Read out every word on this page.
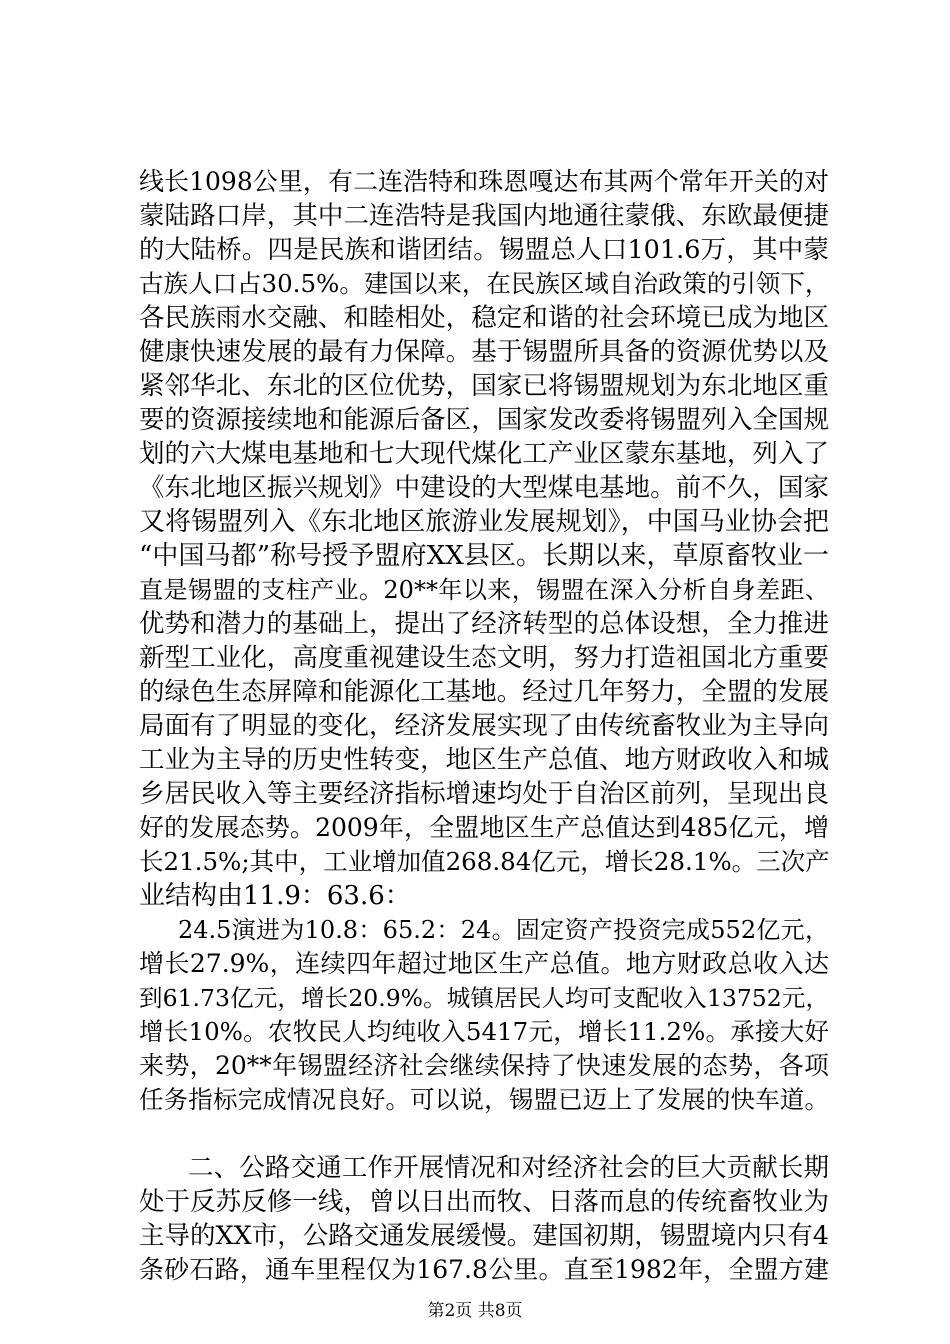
线长1098公里，有二连浩特和珠恩嘎达布其两个常年开关的对
蒙陆路口岸，其中二连浩特是我国内地通往蒙俄、东欧最便捷
的大陆桥。四是民族和谐团结。锡盟总人口101.6万，其中蒙
古族人口占30.5%。建国以来，在民族区域自治政策的引领下，
各民族雨水交融、和睦相处，稳定和谐的社会环境已成为地区
健康快速发展的最有力保障。基于锡盟所具备的资源优势以及
紧邻华北、东北的区位优势，国家已将锡盟规划为东北地区重
要的资源接续地和能源后备区，国家发改委将锡盟列入全国规
划的六大煤电基地和七大现代煤化工产业区蒙东基地，列入了
《东北地区振兴规划》中建设的大型煤电基地。前不久，国家
又将锡盟列入《东北地区旅游业发展规划》，中国马业协会把
“中国马都”称号授予盟府XX县区。长期以来，草原畜牧业一
直是锡盟的支柱产业。20**年以来，锡盟在深入分析自身差距、
优势和潜力的基础上，提出了经济转型的总体设想，全力推进
新型工业化，高度重视建设生态文明，努力打造祖国北方重要
的绿色生态屏障和能源化工基地。经过几年努力，全盟的发展
局面有了明显的变化，经济发展实现了由传统畜牧业为主导向
工业为主导的历史性转变，地区生产总值、地方财政收入和城
乡居民收入等主要经济指标增速均处于自治区前列，呈现出良
好的发展态势。2009年，全盟地区生产总值达到485亿元，增
长21.5%;其中，工业增加值268.84亿元，增长28.1%。三次产
业结构由11.9：63.6：
24.5演进为10.8：65.2：24。固定资产投资完成552亿元，
增长27.9%，连续四年超过地区生产总值。地方财政总收入达
到61.73亿元，增长20.9%。城镇居民人均可支配收入13752元，
增长10%。农牧民人均纯收入5417元，增长11.2%。承接大好
来势，20**年锡盟经济社会继续保持了快速发展的态势，各项
任务指标完成情况良好。可以说，锡盟已迈上了发展的快车道。
二、公路交通工作开展情况和对经济社会的巨大贡献长期
处于反苏反修一线，曾以日出而牧、日落而息的传统畜牧业为
主导的XX市，公路交通发展缓慢。建国初期，锡盟境内只有4
条砂石路，通车里程仅为167.8公里。直至1982年，全盟方建
第2页 共8页
